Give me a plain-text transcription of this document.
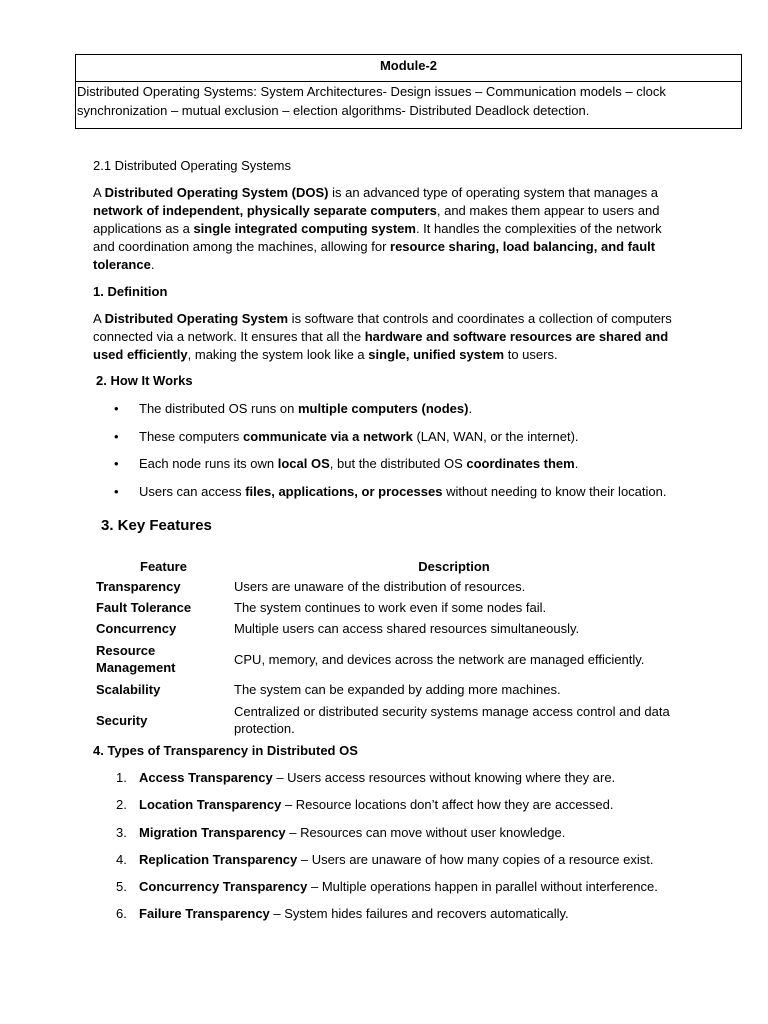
Module-2
Distributed Operating Systems: System Architectures- Design issues – Communication models – clock
synchronization – mutual exclusion – election algorithms- Distributed Deadlock detection.
2.1 Distributed Operating Systems
A Distributed Operating System (DOS) is an advanced type of operating system that manages a network of independent, physically separate computers, and makes them appear to users and applications as a single integrated computing system. It handles the complexities of the network and coordination among the machines, allowing for resource sharing, load balancing, and fault tolerance.
1. Definition
A Distributed Operating System is software that controls and coordinates a collection of computers connected via a network. It ensures that all the hardware and software resources are shared and used efficiently, making the system look like a single, unified system to users.
2. How It Works
• The distributed OS runs on multiple computers (nodes).
• These computers communicate via a network (LAN, WAN, or the internet).
• Each node runs its own local OS, but the distributed OS coordinates them.
• Users can access files, applications, or processes without needing to know their location.
3. Key Features
Feature	Description
Transparency	Users are unaware of the distribution of resources.
Fault Tolerance	The system continues to work even if some nodes fail.
Concurrency	Multiple users can access shared resources simultaneously.
Resource Management	CPU, memory, and devices across the network are managed efficiently.
Scalability	The system can be expanded by adding more machines.
Security	Centralized or distributed security systems manage access control and data protection.
4. Types of Transparency in Distributed OS
1. Access Transparency – Users access resources without knowing where they are.
2. Location Transparency – Resource locations don’t affect how they are accessed.
3. Migration Transparency – Resources can move without user knowledge.
4. Replication Transparency – Users are unaware of how many copies of a resource exist.
5. Concurrency Transparency – Multiple operations happen in parallel without interference.
6. Failure Transparency – System hides failures and recovers automatically.
